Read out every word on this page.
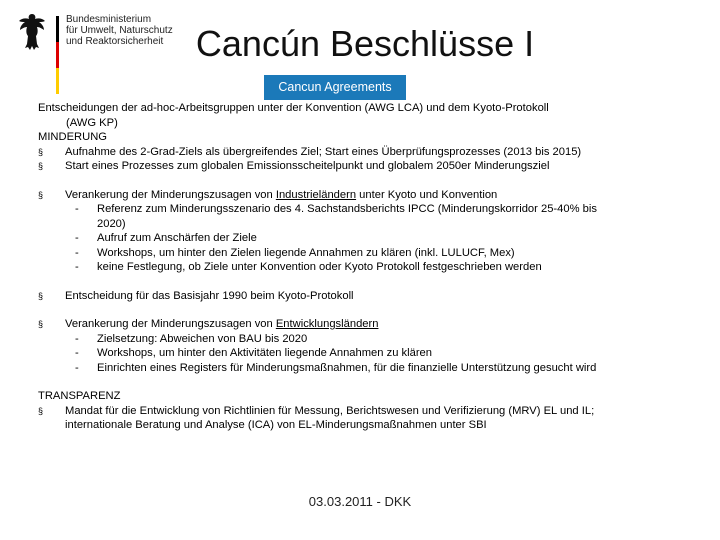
Bundesministerium
für Umwelt, Naturschutz
und Reaktorsicherheit Cancún Beschlüsse I
Cancun Agreements

Entscheidungen der ad-hoc-Arbeitsgruppen unter der Konvention (AWG LCA) und dem Kyoto-Protokoll

(AWG KP)

MINDERUNG

§	Aufnahme des 2-Grad-Ziels als übergreifendes Ziel; Start eines Überprüfungsprozesses (2013 bis 2015)
§	Start eines Prozesses zum globalen Emissionsscheitelpunkt und globalem 2050er Minderungsziel
§	Verankerung der Minderungszusagen von Industrieländern unter Kyoto und Konvention
- Referenz zum Minderungsszenario des 4. Sachstandsberichts IPCC (Minderungskorridor 25-40% bis
2020)
- Aufruf zum Anschärfen der Ziele
- Workshops, um hinter den Zielen liegende Annahmen zu klären (inkl. LULUCF, Mex)
- keine Festlegung, ob Ziele unter Konvention oder Kyoto Protokoll festgeschrieben werden
§	Entscheidung für das Basisjahr 1990 beim Kyoto-Protokoll
§	Verankerung der Minderungszusagen von Entwicklungsländern
- Zielsetzung: Abweichen von BAU bis 2020
- Workshops, um hinter den Aktivitäten liegende Annahmen zu klären
- Einrichten eines Registers für Minderungsmaßnahmen, für die finanzielle Unterstützung gesucht wird

TRANSPARENZ

§	Mandat für die Entwicklung von Richtlinien für Messung, Berichtswesen und Verifizierung (MRV) EL und IL;
internationale Beratung und Analyse (ICA) von EL-Minderungsmaßnahmen unter SBI
03.03.2011 - DKK
